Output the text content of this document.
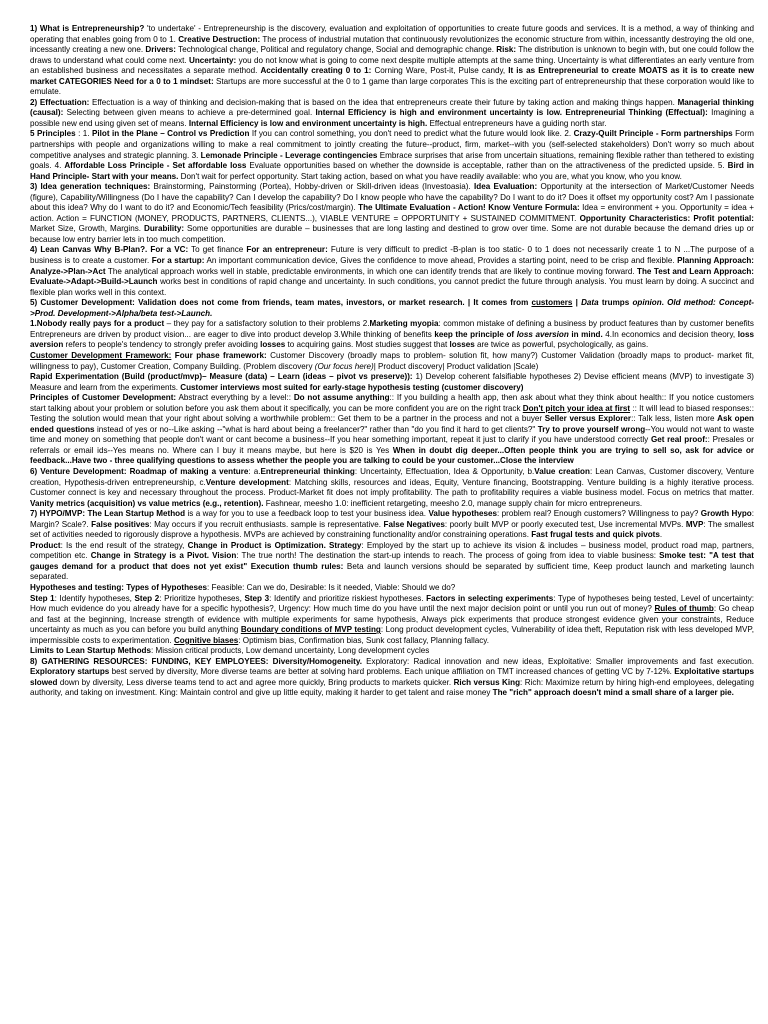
1) What is Entrepreneurship? 'to undertake' - Entrepreneurship is the discovery, evaluation and exploitation of opportunities to create future goods and services. It is a method, a way of thinking and operating that enables going from 0 to 1. Creative Destruction: The process of industrial mutation that continuously revolutionizes the economic structure from within, incessantly destroying the old one, incessantly creating a new one. Drivers: Technological change, Political and regulatory change, Social and demographic change. Risk: The distribution is unknown to begin with, but one could follow the draws to understand what could come next. Uncertainty: you do not know what is going to come next despite multiple attempts at the same thing. Uncertainty is what differentiates an early venture from an established business and necessitates a separate method. Accidentally creating 0 to 1: Corning Ware, Post-it, Pulse candy, It is as Entrepreneurial to create MOATS as it is to create new market CATEGORIES Need for a 0 to 1 mindset: Startups are more successful at the 0 to 1 game than large corporates This is the exciting part of entrepreneurship that these corporation would like to emulate.

2) Effectuation: Effectuation is a way of thinking and decision-making that is based on the idea that entrepreneurs create their future by taking action and making things happen. Managerial thinking (causal): Selecting between given means to achieve a pre-determined goal. Internal Efficiency is high and environment uncertainty is low. Entrepreneurial Thinking (Effectual): Imagining a possible new end using given set of means. Internal Efficiency is low and environment uncertainty is high. Effectual entrepreneurs have a guiding north star.

5 Principles : 1. Pilot in the Plane – Control vs Prediction If you can control something, you don't need to predict what the future would look like. 2. Crazy-Quilt Principle - Form partnerships Form partnerships with people and organizations willing to make a real commitment to jointly creating the future--product, firm, market--with you (self-selected stakeholders) Don't worry so much about competitive analyses and strategic planning. 3. Lemonade Principle - Leverage contingencies Embrace surprises that arise from uncertain situations, remaining flexible rather than tethered to existing goals. 4. Affordable Loss Principle - Set affordable loss Evaluate opportunities based on whether the downside is acceptable, rather than on the attractiveness of the predicted upside. 5. Bird in Hand Principle- Start with your means. Don't wait for perfect opportunity. Start taking action, based on what you have readily available: who you are, what you know, who you know.

3) Idea generation techniques: Brainstorming, Painstorming (Portea), Hobby-driven or Skill-driven ideas (Investoasia). Idea Evaluation: Opportunity at the intersection of Market/Customer Needs (figure), Capability/Willingness (Do I have the capability? Can I develop the capability? Do I know people who have the capability? Do I want to do it? Does it offset my opportunity cost? Am I passionate about this idea? Why do I want to do it? and Economic/Tech feasibility (Prics/cost/margin). The Ultimate Evaluation - Action! Know Venture Formula: Idea = environment + you. Opportunity = idea + action. Action = FUNCTION (MONEY, PRODUCTS, PARTNERS, CLIENTS...), VIABLE VENTURE = OPPORTUNITY + SUSTAINED COMMITMENT. Opportunity Characteristics: Profit potential: Market Size, Growth, Margins. Durability: Some opportunities are durable – businesses that are long lasting and destined to grow over time. Some are not durable because the demand dries up or because low entry barrier lets in too much competition.

4) Lean Canvas Why B-Plan?. For a VC: To get finance For an entrepreneur: Future is very difficult to predict -B-plan is too static- 0 to 1 does not necessarily create 1 to N ...The purpose of a business is to create a customer. For a startup: An important communication device, Gives the confidence to move ahead, Provides a starting point, need to be crisp and flexible. Planning Approach: Analyze->Plan->Act The analytical approach works well in stable, predictable environments, in which one can identify trends that are likely to continue moving forward. The Test and Learn Approach: Evaluate->Adapt->Build->Launch works best in conditions of rapid change and uncertainty. In such conditions, you cannot predict the future through analysis. You must learn by doing. A succinct and flexible plan works well in this context.

5) Customer Development: Validation does not come from friends, team mates, investors, or market research. | It comes from customers | Data trumps opinion. Old method: Concept->Prod. Development->Alpha/beta test->Launch.

1.Nobody really pays for a product – they pay for a satisfactory solution to their problems 2.Marketing myopia: common mistake of defining a business by product features than by customer benefits Entrepreneurs are driven by product vision... are eager to dive into product develop 3.While thinking of benefits keep the principle of loss aversion in mind. 4.In economics and decision theory, loss aversion refers to people's tendency to strongly prefer avoiding losses to acquiring gains. Most studies suggest that losses are twice as powerful, psychologically, as gains.

Customer Development Framework: Four phase framework: Customer Discovery (broadly maps to problem- solution fit, how many?) Customer Validation (broadly maps to product- market fit, willingness to pay), Customer Creation, Company Building. (Problem discovery (Our focus here)| Product discovery| Product validation |Scale)

Rapid Experimentation (Build (product/mvp)– Measure (data) – Learn (ideas – pivot vs preserve)): 1) Develop coherent falsifiable hypotheses 2) Devise efficient means (MVP) to investigate 3) Measure and learn from the experiments. Customer interviews most suited for early-stage hypothesis testing (customer discovery)

Principles of Customer Development: Abstract everything by a level:: Do not assume anything:: If you building a health app, then ask about what they think about health:: If you notice customers start talking about your problem or solution before you ask them about it specifically, you can be more confident you are on the right track Don't pitch your idea at first :: It will lead to biased responses:: Testing the solution would mean that your right about solving a worthwhile problem:: Get them to be a partner in the process and not a buyer Seller versus Explorer:: Talk less, listen more Ask open ended questions instead of yes or no--Like asking --"what is hard about being a freelancer?" rather than "do you find it hard to get clients?" Try to prove yourself wrong--You would not want to waste time and money on something that people don't want or cant become a business--If you hear something important, repeat it just to clarify if you have understood correctly Get real proof:: Presales or referrals or email ids--Yes means no. Where can I buy it means maybe, but here is $20 is Yes When in doubt dig deeper...Often people think you are trying to sell so, ask for advice or feedback...Have two - three qualifying questions to assess whether the people you are talking to could be your customer...Close the interview

6) Venture Development: Roadmap of making a venture: a.Entrepreneurial thinking: Uncertainty, Effectuation, Idea & Opportunity, b.Value creation: Lean Canvas, Customer discovery, Venture creation, Hypothesis-driven entrepreneurship, c.Venture development: Matching skills, resources and ideas, Equity, Venture financing, Bootstrapping. Venture building is a highly iterative process. Customer connect is key and necessary throughout the process. Product-Market fit does not imply profitability. The path to profitability requires a viable business model. Focus on metrics that matter. Vanity metrics (acquisition) vs value metrics (e.g., retention). Fashnear, meesho 1.0: inefficient retargeting, meesho 2.0, manage supply chain for micro entrepreneurs.

7) HYPO/MVP: The Lean Startup Method is a way for you to use a feedback loop to test your business idea. Value hypotheses: problem real? Enough customers? Willingness to pay? Growth Hypo: Margin? Scale?. False positives: May occurs if you recruit enthusiasts. sample is representative. False Negatives: poorly built MVP or poorly executed test, Use incremental MVPs. MVP: The smallest set of activities needed to rigorously disprove a hypothesis. MVPs are achieved by constraining functionality and/or constraining operations. Fast frugal tests and quick pivots.

Product: Is the end result of the strategy, Change in Product is Optimization. Strategy: Employed by the start up to achieve its vision & includes – business model, product road map, partners, competition etc. Change in Strategy is a Pivot. Vision: The true north! The destination the start-up intends to reach. The process of going from idea to viable business: Smoke test: "A test that gauges demand for a product that does not yet exist" Execution thumb rules: Beta and launch versions should be separated by sufficient time, Keep product launch and marketing launch separated.

Hypotheses and testing: Types of Hypotheses: Feasible: Can we do, Desirable: Is it needed, Viable: Should we do?

Step 1: Identify hypotheses, Step 2: Prioritize hypotheses, Step 3: Identify and prioritize riskiest hypotheses. Factors in selecting experiments: Type of hypotheses being tested, Level of uncertainty: How much evidence do you already have for a specific hypothesis?, Urgency: How much time do you have until the next major decision point or until you run out of money? Rules of thumb: Go cheap and fast at the beginning, Increase strength of evidence with multiple experiments for same hypothesis, Always pick experiments that produce strongest evidence given your constraints, Reduce uncertainty as much as you can before you build anything Boundary conditions of MVP testing: Long product development cycles, Vulnerability of idea theft, Reputation risk with less developed MVP, impermissible costs to experimentation. Cognitive biases: Optimism bias, Confirmation bias, Sunk cost fallacy, Planning fallacy.

Limits to Lean Startup Methods: Mission critical products, Low demand uncertainty, Long development cycles

8) GATHERING RESOURCES: FUNDING, KEY EMPLOYEES: Diversity/Homogeneity. Exploratory: Radical innovation and new ideas, Exploitative: Smaller improvements and fast execution. Exploratory startups best served by diversity, More diverse teams are better at solving hard problems. Each unique affiliation on TMT increased chances of getting VC by 7-12%. Exploitative startups slowed down by diversity, Less diverse teams tend to act and agree more quickly, Bring products to markets quicker. Rich versus King: Rich: Maximize return by hiring high-end employees, delegating authority, and taking on investment. King: Maintain control and give up little equity, making it harder to get talent and raise money The "rich" approach doesn't mind a small share of a larger pie.
